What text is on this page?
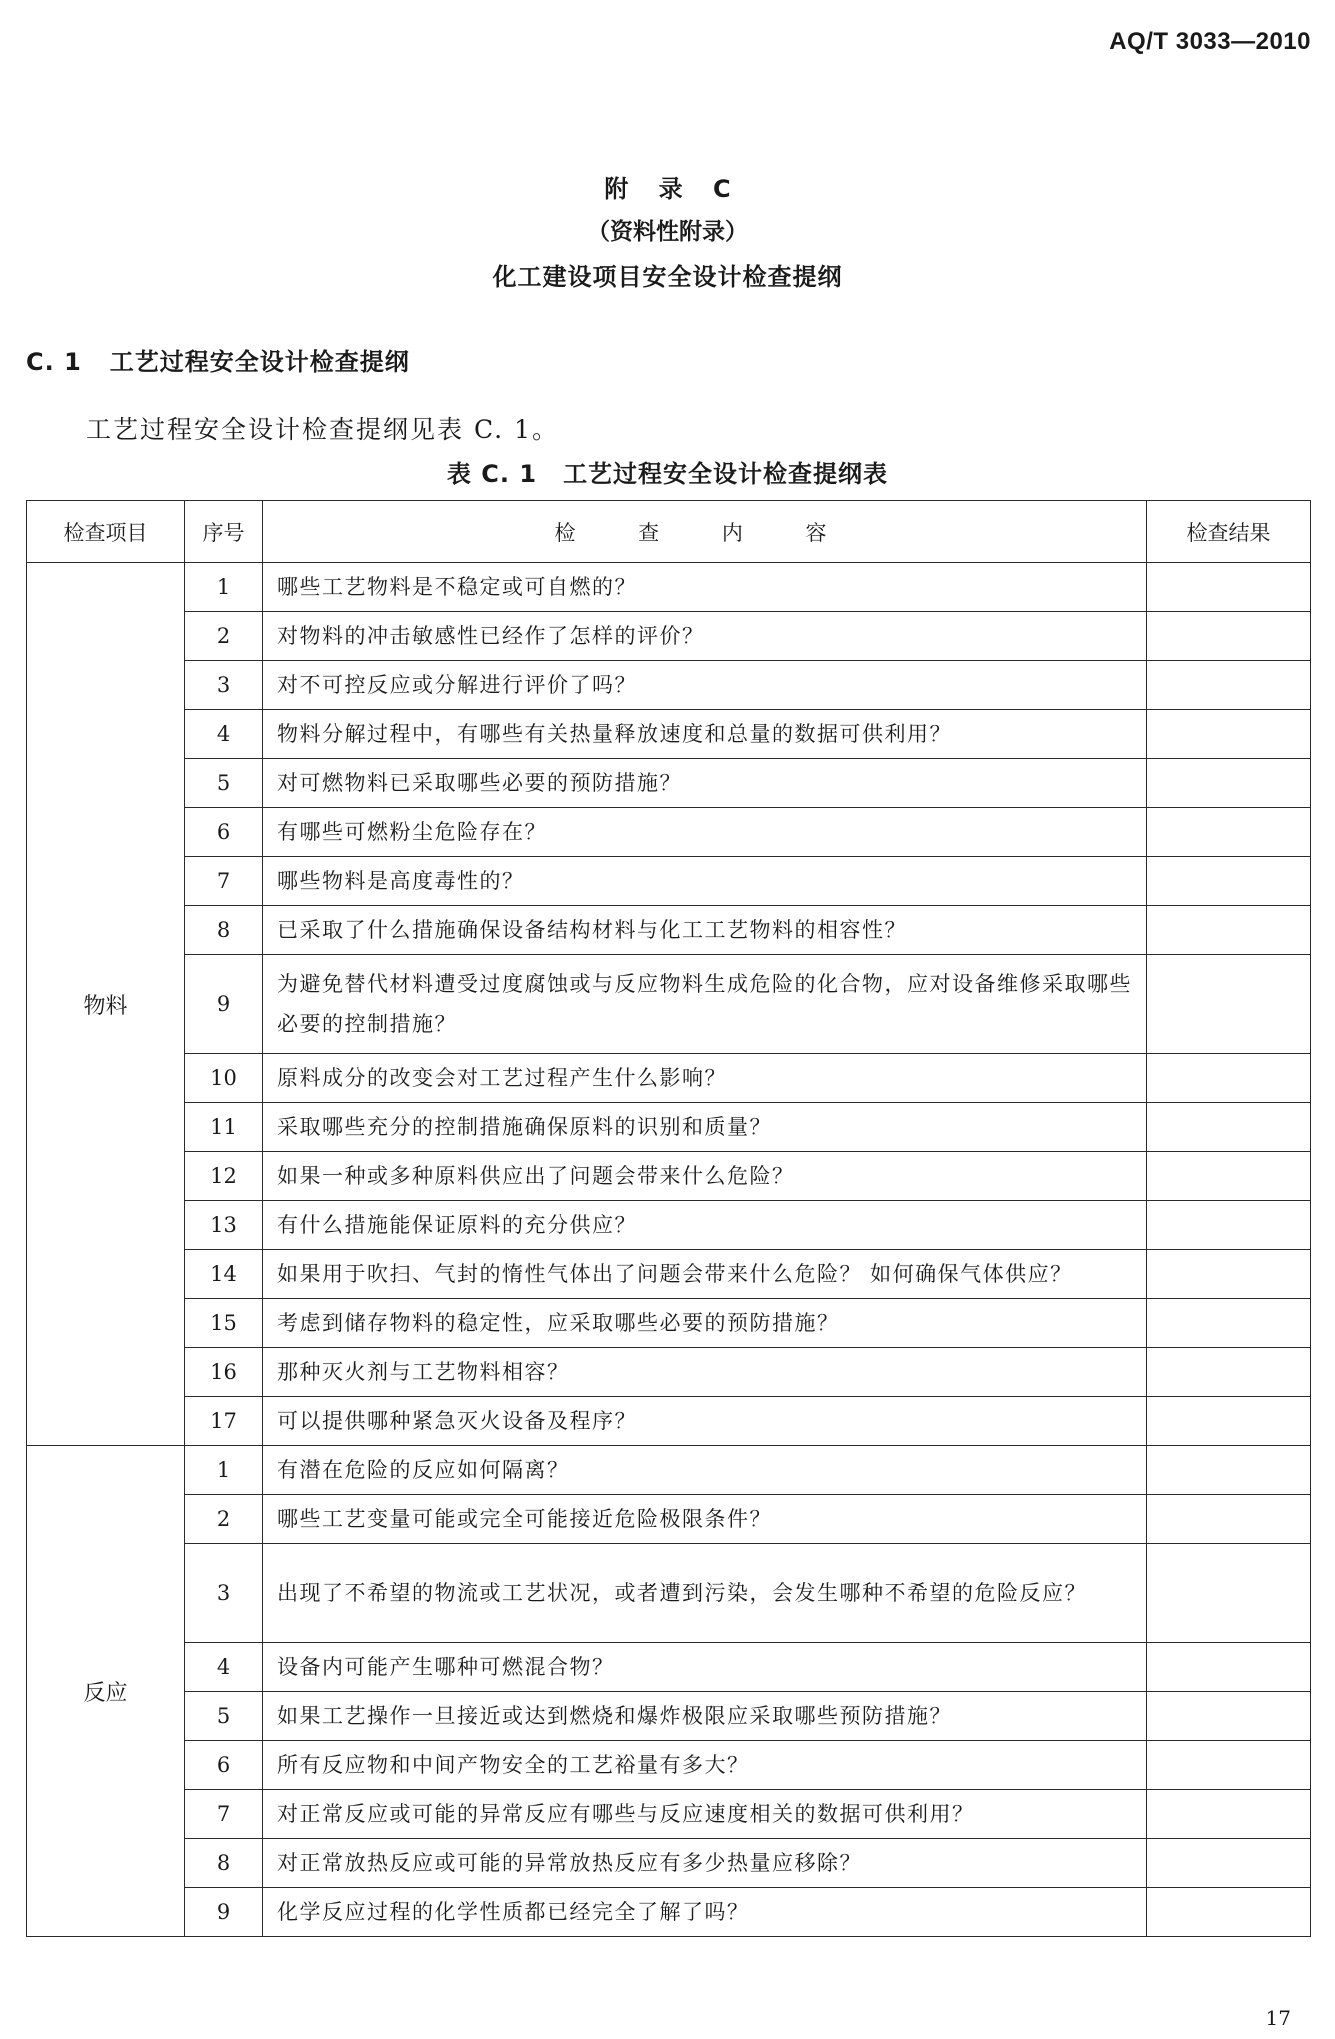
AQ/T 3033—2010
附 录 C
（资料性附录）
化工建设项目安全设计检查提纲
C. 1 工艺过程安全设计检查提纲
工艺过程安全设计检查提纲见表 C. 1。
表 C. 1 工艺过程安全设计检查提纲表
检查项目	序号	检 查 内 容	检查结果
物料	1	哪些工艺物料是不稳定或可自燃的？	
	2	对物料的冲击敏感性已经作了怎样的评价？	
	3	对不可控反应或分解进行评价了吗？	
	4	物料分解过程中，有哪些有关热量释放速度和总量的数据可供利用？	
	5	对可燃物料已采取哪些必要的预防措施？	
	6	有哪些可燃粉尘危险存在？	
	7	哪些物料是高度毒性的？	
	8	已采取了什么措施确保设备结构材料与化工工艺物料的相容性？	
	9	为避免替代材料遭受过度腐蚀或与反应物料生成危险的化合物，应对设备维修采取哪些必要的控制措施？	
	10	原料成分的改变会对工艺过程产生什么影响？	
	11	采取哪些充分的控制措施确保原料的识别和质量？	
	12	如果一种或多种原料供应出了问题会带来什么危险？	
	13	有什么措施能保证原料的充分供应？	
	14	如果用于吹扫、气封的惰性气体出了问题会带来什么危险？ 如何确保气体供应？	
	15	考虑到储存物料的稳定性，应采取哪些必要的预防措施？	
	16	那种灭火剂与工艺物料相容？	
	17	可以提供哪种紧急灭火设备及程序？	
反应	1	有潜在危险的反应如何隔离？	
	2	哪些工艺变量可能或完全可能接近危险极限条件？	
	3	出现了不希望的物流或工艺状况，或者遭到污染，会发生哪种不希望的危险反应？	
	4	设备内可能产生哪种可燃混合物？	
	5	如果工艺操作一旦接近或达到燃烧和爆炸极限应采取哪些预防措施？	
	6	所有反应物和中间产物安全的工艺裕量有多大？	
	7	对正常反应或可能的异常反应有哪些与反应速度相关的数据可供利用？	
	8	对正常放热反应或可能的异常放热反应有多少热量应移除？	
	9	化学反应过程的化学性质都已经完全了解了吗？	
17
